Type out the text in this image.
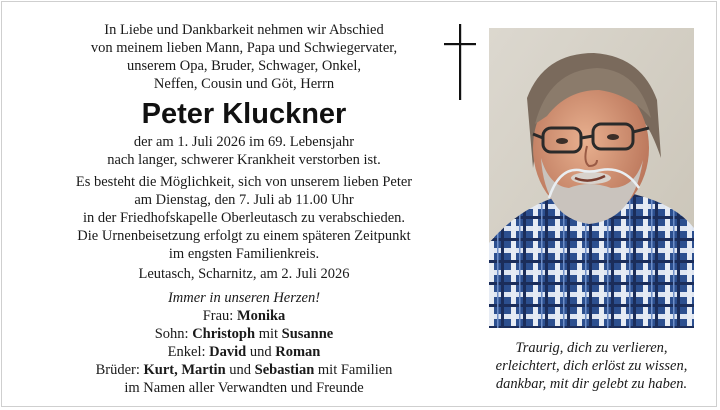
In Liebe und Dankbarkeit nehmen wir Abschied
von meinem lieben Mann, Papa und Schwiegervater,
unserem Opa, Bruder, Schwager, Onkel,
Neffen, Cousin und Göt, Herrn
Peter Kluckner
der am 1. Juli 2026 im 69. Lebensjahr
nach langer, schwerer Krankheit verstorben ist.
Es besteht die Möglichkeit, sich von unserem lieben Peter
am Dienstag, den 7. Juli ab 11.00 Uhr
in der Friedhofskapelle Oberleutasch zu verabschieden.
Die Urnenbeisetzung erfolgt zu einem späteren Zeitpunkt
im engsten Familienkreis.
Leutasch, Scharnitz, am 2. Juli 2026
Immer in unseren Herzen!
Frau: Monika
Sohn: Christoph mit Susanne
Enkel: David und Roman
Brüder: Kurt, Martin und Sebastian mit Familien
im Namen aller Verwandten und Freunde
Traurig, dich zu verlieren,
erleichtert, dich erlöst zu wissen,
dankbar, mit dir gelebt zu haben.
